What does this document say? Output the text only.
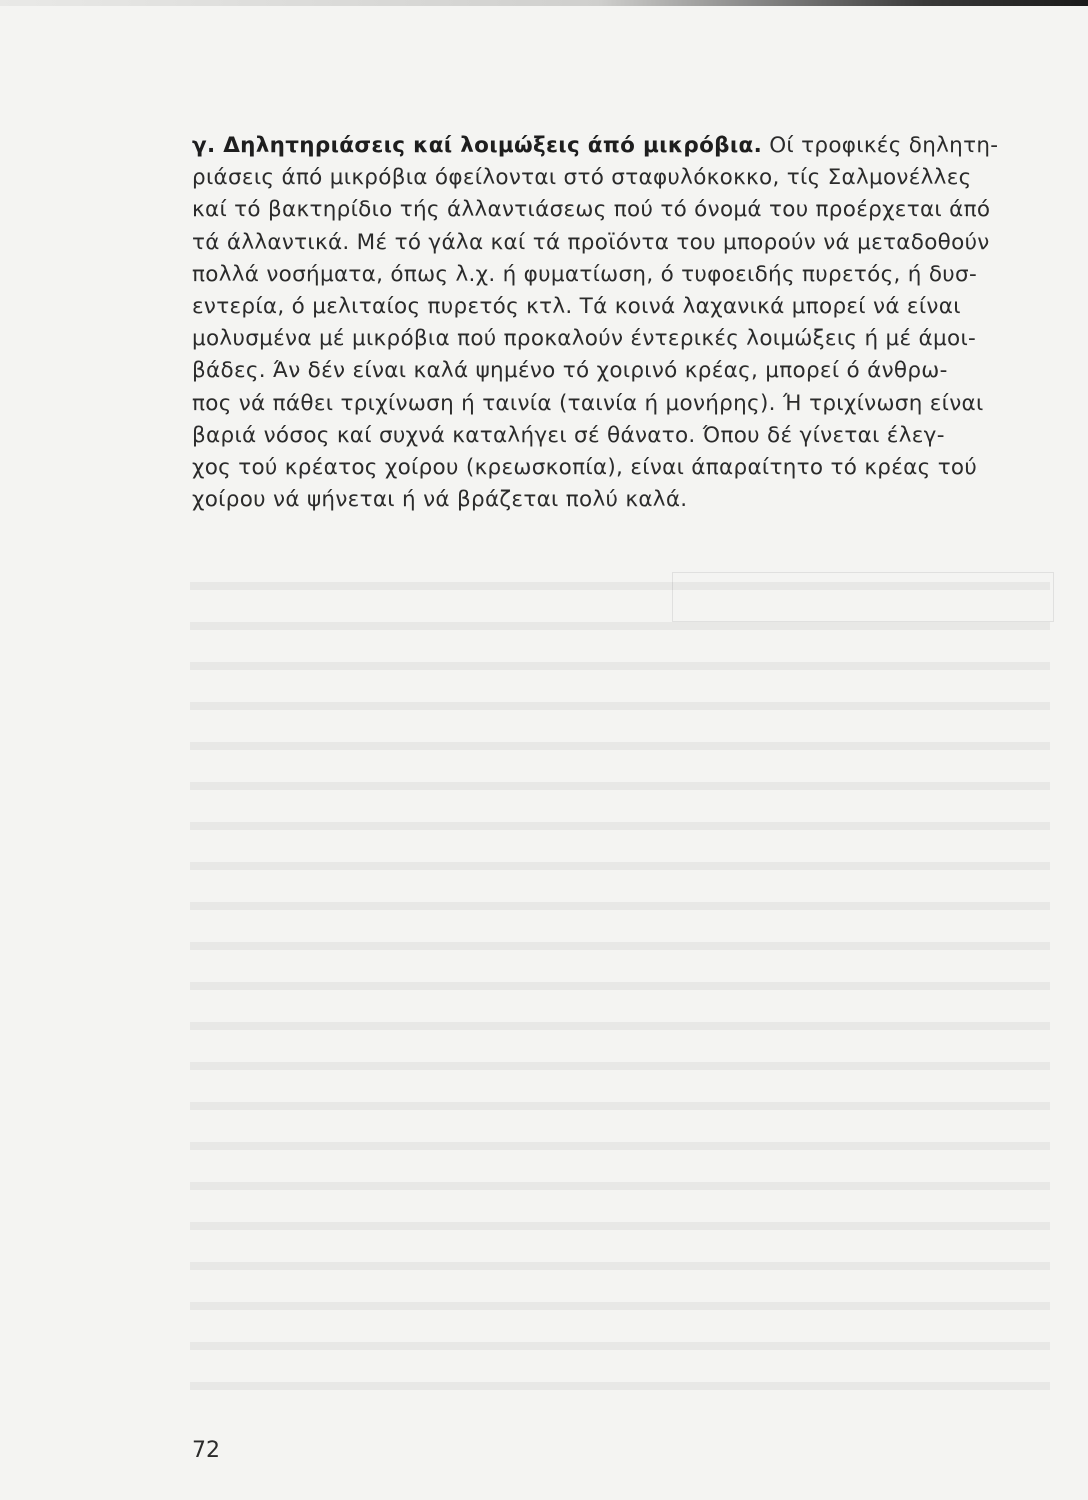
γ. Δηλητηριάσεις καί λοιμώξεις άπό μικρόβια. Οί τροφικές δηλητη-
ριάσεις άπό μικρόβια όφείλονται στό σταφυλόκοκκο, τίς Σαλμονέλλες
καί τό βακτηρίδιο τής άλλαντιάσεως πού τό όνομά του προέρχεται άπό
τά άλλαντικά. Μέ τό γάλα καί τά προϊόντα του μπορούν νά μεταδοθούν
πολλά νοσήματα, όπως λ.χ. ή φυματίωση, ό τυφοειδής πυρετός, ή δυσ-
εντερία, ό μελιταίος πυρετός κτλ. Τά κοινά λαχανικά μπορεί νά είναι
μολυσμένα μέ μικρόβια πού προκαλούν έντερικές λοιμώξεις ή μέ άμοι-
βάδες. Άν δέν είναι καλά ψημένο τό χοιρινό κρέας, μπορεί ό άνθρω-
πος νά πάθει τριχίνωση ή ταινία (ταινία ή μονήρης). Ή τριχίνωση είναι
βαριά νόσος καί συχνά καταλήγει σέ θάνατο. Όπου δέ γίνεται έλεγ-
χος τού κρέατος χοίρου (κρεωσκοπία), είναι άπαραίτητο τό κρέας τού
χοίρου νά ψήνεται ή νά βράζεται πολύ καλά.
72
